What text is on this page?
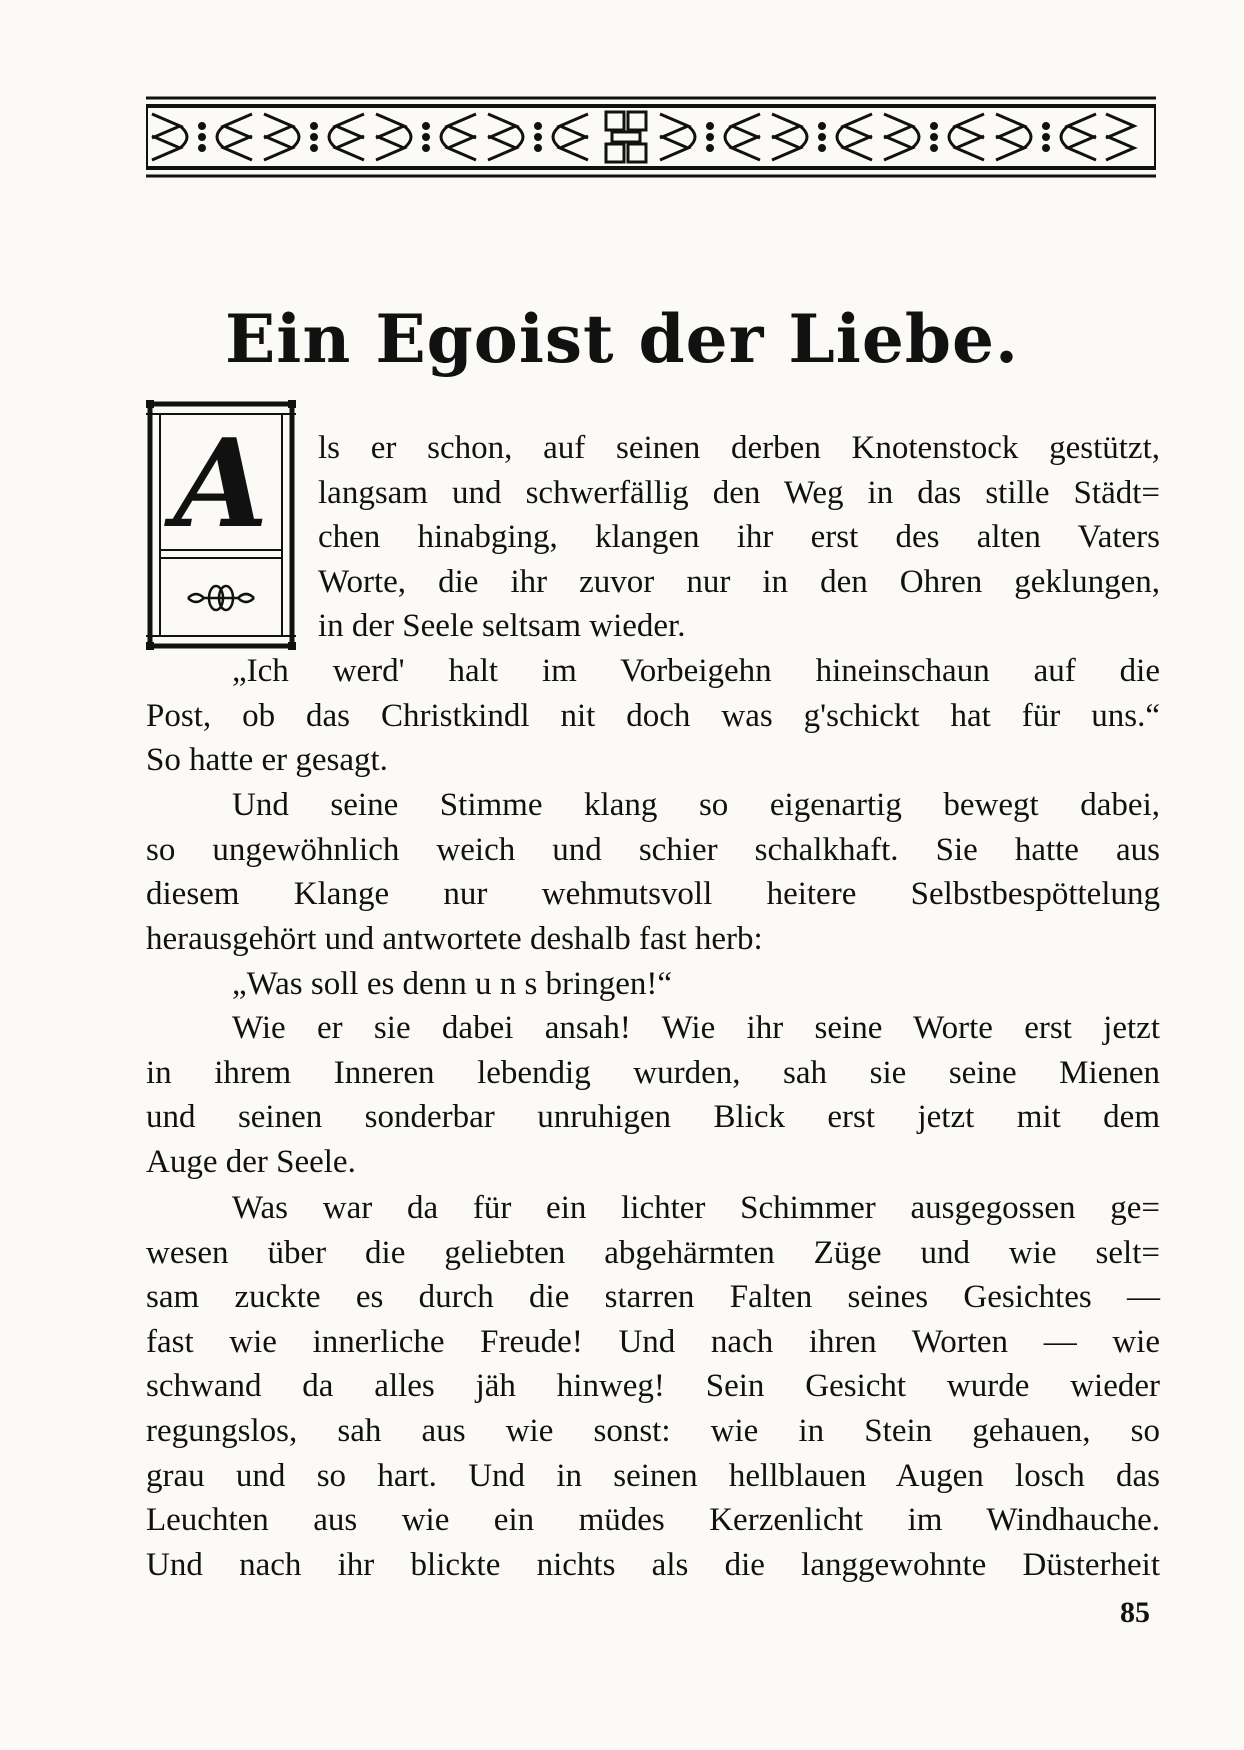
Ein Egoist der Liebe.
A	ls er schon, auf seinen derben Knotenstock gestützt,
langsam und schwerfällig den Weg in das stille Städt=
chen hinabging, klangen ihr erst des alten Vaters
Worte, die ihr zuvor nur in den Ohren geklungen,
in der Seele seltsam wieder.
„Ich werd' halt im Vorbeigehn hineinschaun auf die
Post, ob das Christkindl nit doch was g'schickt hat für uns.“
So hatte er gesagt.
Und seine Stimme klang so eigenartig bewegt dabei,
so ungewöhnlich weich und schier schalkhaft. Sie hatte aus
diesem Klange nur wehmutsvoll heitere Selbstbespöttelung
herausgehört und antwortete deshalb fast herb:
„Was soll es denn u n s bringen!“
Wie er sie dabei ansah! Wie ihr seine Worte erst jetzt
in ihrem Inneren lebendig wurden, sah sie seine Mienen
und seinen sonderbar unruhigen Blick erst jetzt mit dem
Auge der Seele.
Was war da für ein lichter Schimmer ausgegossen ge=
wesen über die geliebten abgehärmten Züge und wie selt=
sam zuckte es durch die starren Falten seines Gesichtes —
fast wie innerliche Freude! Und nach ihren Worten — wie
schwand da alles jäh hinweg! Sein Gesicht wurde wieder
regungslos, sah aus wie sonst: wie in Stein gehauen, so
grau und so hart. Und in seinen hellblauen Augen losch das
Leuchten aus wie ein müdes Kerzenlicht im Windhauche.
Und nach ihr blickte nichts als die langgewohnte Düsterheit
85
